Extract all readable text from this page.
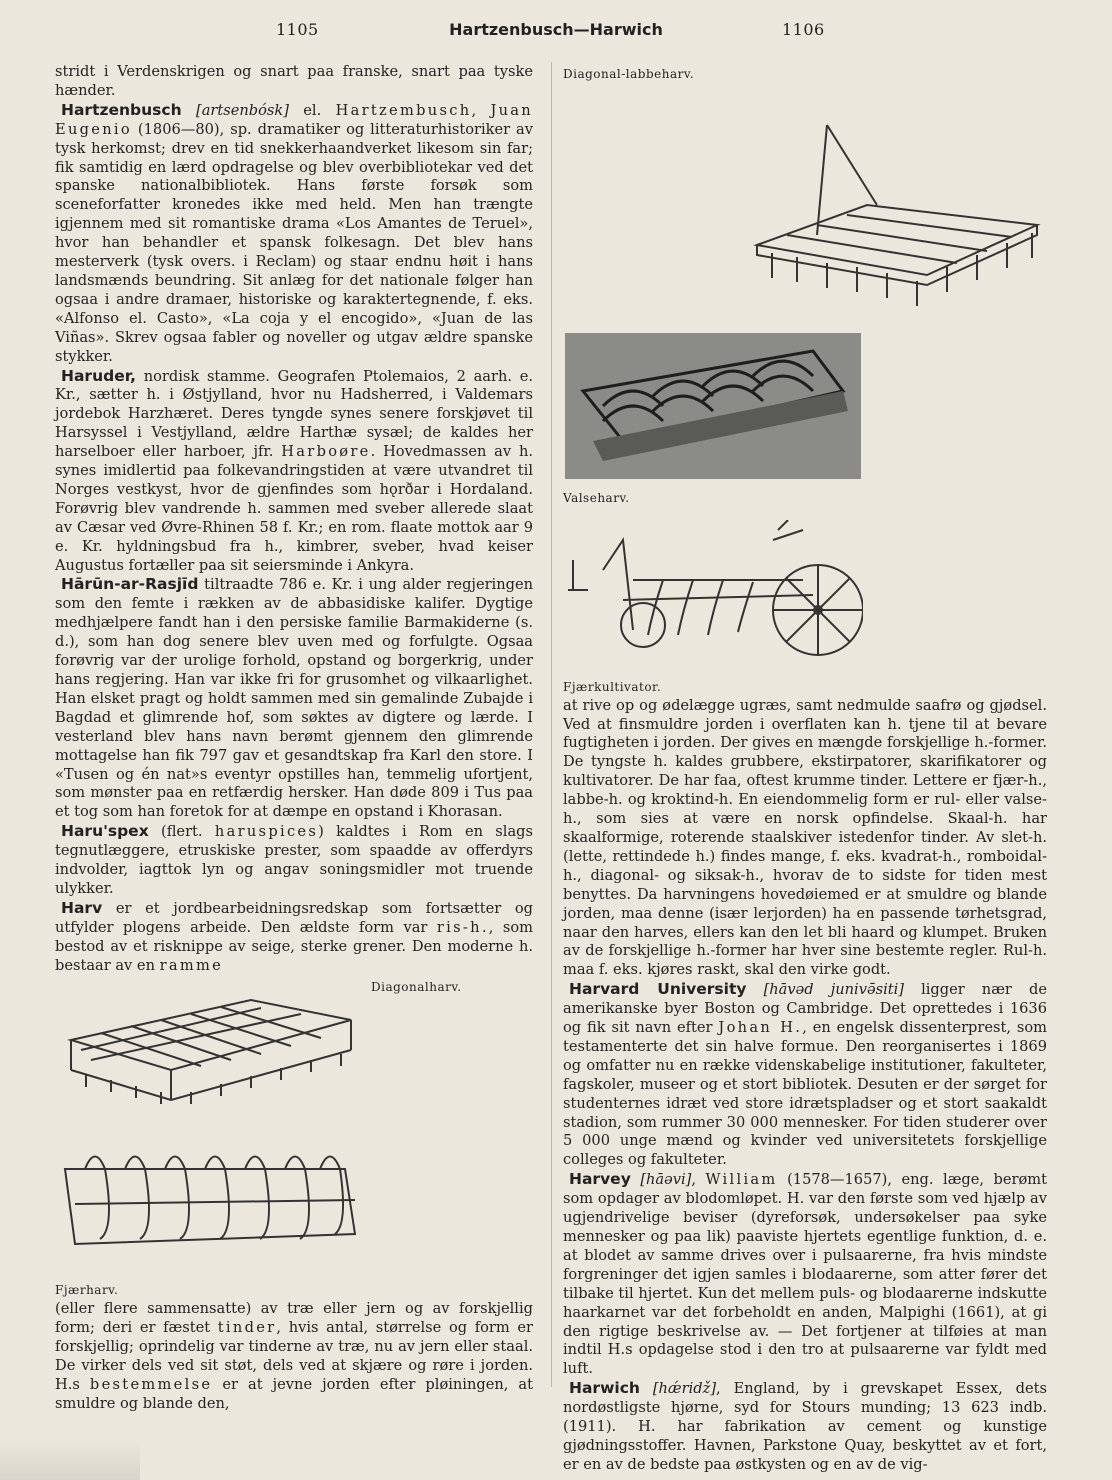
1105	Hartzenbusch—Harwich	1106

stridt i Verdenskrigen og snart paa franske, snart paa tyske hænder.

Hartzenbusch [artsenbósk] el. Hartzembusch, Juan Eugenio (1806—80), sp. dramatiker og litteraturhistoriker av tysk herkomst; drev en tid snekkerhaandverket likesom sin far; fik samtidig en lærd opdragelse og blev overbibliotekar ved det spanske nationalbibliotek. Hans første forsøk som sceneforfatter kronedes ikke med held. Men han trængte igjennem med sit romantiske drama «Los Amantes de Teruel», hvor han behandler et spansk folkesagn. Det blev hans mesterverk (tysk overs. i Reclam) og staar endnu høit i hans landsmænds beundring. Sit anlæg for det nationale følger han ogsaa i andre dramaer, historiske og karaktertegnende, f. eks. «Alfonso el. Casto», «La coja y el encogido», «Juan de las Viñas». Skrev ogsaa fabler og noveller og utgav ældre spanske stykker.

Haruder, nordisk stamme. Geografen Ptolemaios, 2 aarh. e. Kr., sætter h. i Østjylland, hvor nu Hadsherred, i Valdemars jordebok Harzhæret. Deres tyngde synes senere forskjøvet til Harsyssel i Vestjylland, ældre Harthæ sysæl; de kaldes her harselboer eller harboer, jfr. Harboøre. Hovedmassen av h. synes imidlertid paa folkevandringstiden at være utvandret til Norges vestkyst, hvor de gjenfindes som hǫrðar i Hordaland. Forøvrig blev vandrende h. sammen med sveber allerede slaat av Cæsar ved Øvre-Rhinen 58 f. Kr.; en rom. flaate mottok aar 9 e. Kr. hyldningsbud fra h., kimbrer, sveber, hvad keiser Augustus fortæller paa sit seiersminde i Ankyra.

Hārūn-ar-Rasjīd tiltraadte 786 e. Kr. i ung alder regjeringen som den femte i rækken av de abbasidiske kalifer. Dygtige medhjælpere fandt han i den persiske familie Barmakiderne (s. d.), som han dog senere blev uven med og forfulgte. Ogsaa forøvrig var der urolige forhold, opstand og borgerkrig, under hans regjering. Han var ikke fri for grusomhet og vilkaarlighet. Han elsket pragt og holdt sammen med sin gemalinde Zubajde i Bagdad et glimrende hof, som søktes av digtere og lærde. I vesterland blev hans navn berømt gjennem den glimrende mottagelse han fik 797 gav et gesandtskap fra Karl den store. I «Tusen og én nat»s eventyr opstilles han, temmelig ufortjent, som mønster paa en retfærdig hersker. Han døde 809 i Tus paa et tog som han foretok for at dæmpe en opstand i Khorasan.

Haru'spex (flert. haruspices) kaldtes i Rom en slags tegnutlæggere, etruskiske prester, som spaadde av offerdyrs indvolder, iagttok lyn og angav soningsmidler mot truende ulykker.

Harv er et jordbearbeidningsredskap som fortsætter og utfylder plogens arbeide. Den ældste form var ris-h., som bestod av et risknippe av seige, sterke grener. Den moderne h. bestaar av en ramme

Diagonalharv.
Fjærharv.
(eller flere sammensatte) av træ eller jern og av forskjellig form; deri er fæstet tinder, hvis antal, størrelse og form er forskjellig; oprindelig var tinderne av træ, nu av jern eller staal. De virker dels ved sit støt, dels ved at skjære og røre i jorden. H.s bestemmelse er at jevne jorden efter pløiningen, at smuldre og blande den,

Diagonal-labbeharv.
Valseharv.
Fjærkultivator.
at rive op og ødelægge ugræs, samt nedmulde saafrø og gjødsel. Ved at finsmuldre jorden i overflaten kan h. tjene til at bevare fugtigheten i jorden. Der gives en mængde forskjellige h.-former. De tyngste h. kaldes grubbere, ekstirpatorer, skarifikatorer og kultivatorer. De har faa, oftest krumme tinder. Lettere er fjær-h., labbe-h. og kroktind-h. En eiendommelig form er rul- eller valse-h., som sies at være en norsk opfindelse. Skaal-h. har skaalformige, roterende staalskiver istedenfor tinder. Av slet-h. (lette, rettindede h.) findes mange, f. eks. kvadrat-h., romboidal-h., diagonal- og siksak-h., hvorav de to sidste for tiden mest benyttes. Da harvningens hovedøiemed er at smuldre og blande jorden, maa denne (især lerjorden) ha en passende tørhetsgrad, naar den harves, ellers kan den let bli haard og klumpet. Bruken av de forskjellige h.-former har hver sine bestemte regler. Rul-h. maa f. eks. kjøres raskt, skal den virke godt.

Harvard University [hāvəd junivə̄siti] ligger nær de amerikanske byer Boston og Cambridge. Det oprettedes i 1636 og fik sit navn efter Johan H., en engelsk dissenterprest, som testamenterte det sin halve formue. Den reorganisertes i 1869 og omfatter nu en række videnskabelige institutioner, fakulteter, fagskoler, museer og et stort bibliotek. Desuten er der sørget for studenternes idræt ved store idrætspladser og et stort saakaldt stadion, som rummer 30 000 mennesker. For tiden studerer over 5 000 unge mænd og kvinder ved universitetets forskjellige colleges og fakulteter.

Harvey [hāəvi], William (1578—1657), eng. læge, berømt som opdager av blodomløpet. H. var den første som ved hjælp av ugjendrivelige beviser (dyreforsøk, undersøkelser paa syke mennesker og paa lik) paaviste hjertets egentlige funktion, d. e. at blodet av samme drives over i pulsaarerne, fra hvis mindste forgreninger det igjen samles i blodaarerne, som atter fører det tilbake til hjertet. Kun det mellem puls- og blodaarerne indskutte haarkarnet var det forbeholdt en anden, Malpighi (1661), at gi den rigtige beskrivelse av. — Det fortjener at tilføies at man indtil H.s opdagelse stod i den tro at pulsaarerne var fyldt med luft.

Harwich [hǽridž], England, by i grevskapet Essex, dets nordøstligste hjørne, syd for Stours munding; 13 623 indb. (1911). H. har fabrikation av cement og kunstige gjødningsstoffer. Havnen, Parkstone Quay, beskyttet av et fort, er en av de bedste paa østkysten og en av de vig-
